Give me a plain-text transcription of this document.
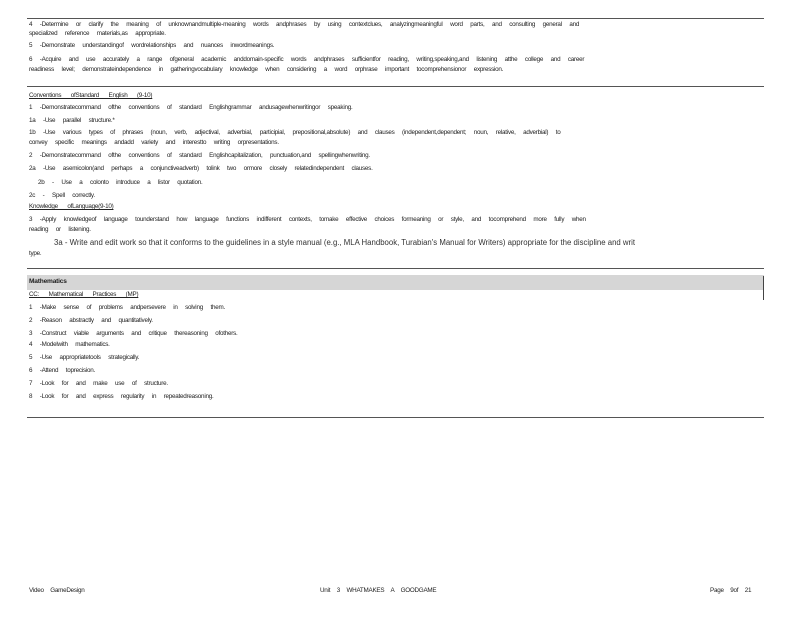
4 -Determine or clarify the meaning of unknownandmultiple-meaning words andphrases by using contextclues, analyzingmeaningful word parts, and consulting general and
specialized reference materials,as appropriate.
5 -Demonstrate understandingof wordrelationships and nuances inwordmeanings.
6 -Acquire and use accurately a range ofgeneral academic anddomain-specific words andphrases sufficientfor reading, writing,speaking,and listening atthe college and career
readiness level; demonstrateindependence in gatheringvocabulary knowledge when considering a word orphrase important tocomprehensionor expression.
Conventions ofStandard English (9-10)
1 -Demonstratecommand ofthe conventions of standard Englishgrammar andusagewhenwritingor speaking.
1a -Use parallel structure.*
1b -Use various types of phrases (noun, verb, adjectival, adverbial, participial, prepositional,absolute) and clauses (independent,dependent; noun, relative, adverbial) to
convey specific meanings andadd variety and interestto writing orpresentations.
2 -Demonstratecommand ofthe conventions of standard Englishcapitalization, punctuation,and spellingwhenwriting.
2a -Use asemicolon(and perhaps a conjunctiveadverb) tolink two ormore closely relatedindependent clauses.
2b - Use a colonto introduce a listor quotation.
2c - Spell correctly.
Knowledge ofLanguage(9-10)
3 -Apply knowledgeof language tounderstand how language functions indifferent contexts, tomake effective choices formeaning or style, and tocomprehend more fully when
reading or listening.
3a - Write and edit work so that it conforms to the guidelines in a style manual (e.g., MLA Handbook, Turabian's Manual for Writers) appropriate for the discipline and writ
type.
Mathematics
CC: Mathematical Practices (MP)
1 -Make sense of problems andpersevere in solving them.
2 -Reason abstractly and quantitatively.
3 -Construct viable arguments and critique thereasoning ofothers.
4 -Modelwith mathematics.
5 -Use appropriatetools strategically.
6 -Attend toprecision.
7 -Look for and make use of structure.
8 -Look for and express regularity in repeatedreasoning.
Video GameDesign	Unit 3 WHATMAKES A GOODGAME	Page 9of 21
